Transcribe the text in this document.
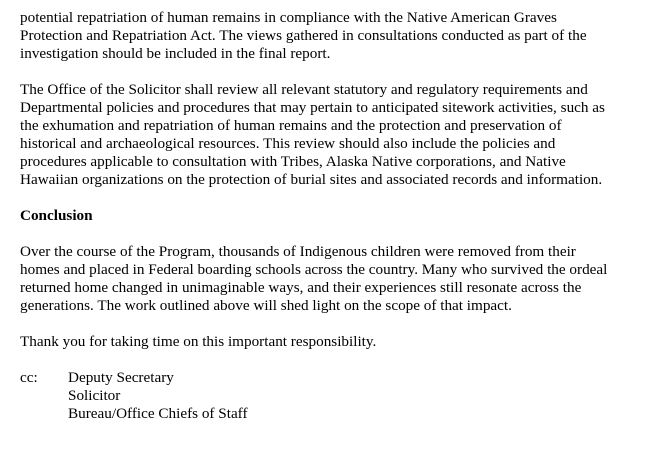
potential repatriation of human remains in compliance with the Native American Graves
Protection and Repatriation Act. The views gathered in consultations conducted as part of the
investigation should be included in the final report.
The Office of the Solicitor shall review all relevant statutory and regulatory requirements and
Departmental policies and procedures that may pertain to anticipated sitework activities, such as
the exhumation and repatriation of human remains and the protection and preservation of
historical and archaeological resources. This review should also include the policies and
procedures applicable to consultation with Tribes, Alaska Native corporations, and Native
Hawaiian organizations on the protection of burial sites and associated records and information.
Conclusion
Over the course of the Program, thousands of Indigenous children were removed from their
homes and placed in Federal boarding schools across the country. Many who survived the ordeal
returned home changed in unimaginable ways, and their experiences still resonate across the
generations. The work outlined above will shed light on the scope of that impact.
Thank you for taking time on this important responsibility.
cc: Deputy Secretary
Solicitor
Bureau/Office Chiefs of Staff
